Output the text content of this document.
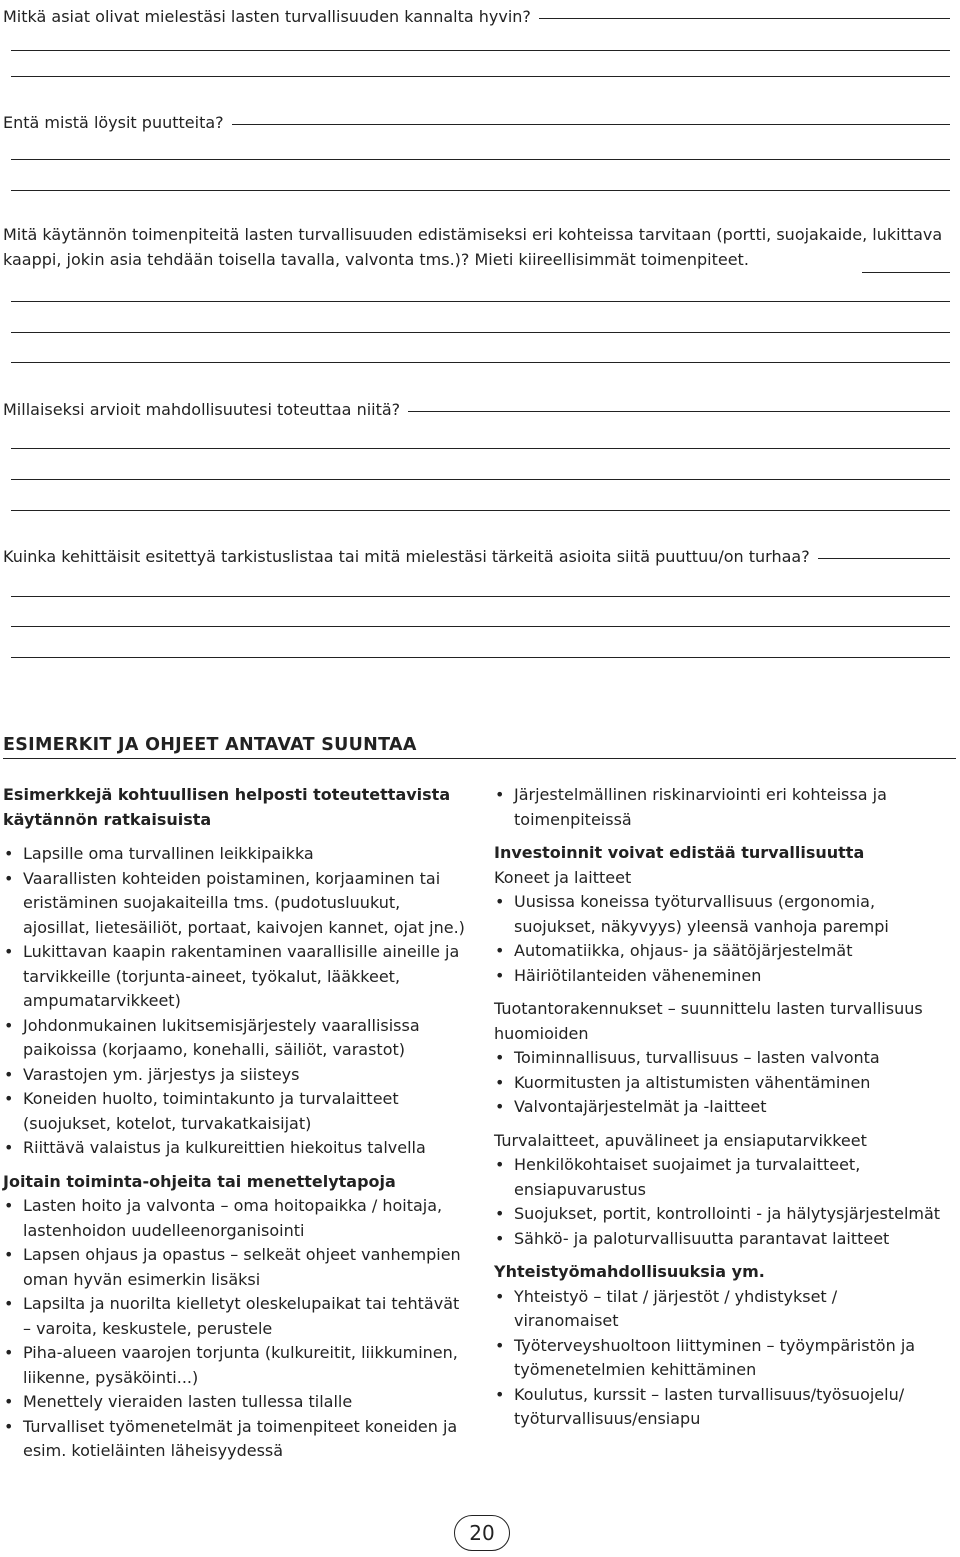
Mitkä asiat olivat mielestäsi lasten turvallisuuden kannalta hyvin?
Entä mistä löysit puutteita?
Mitä käytännön toimenpiteitä lasten turvallisuuden edistämiseksi eri kohteissa tarvitaan (portti, suojakaide, lukittava kaappi, jokin asia tehdään toisella tavalla, valvonta tms.)? Mieti kiireellisimmät toimenpiteet.
Millaiseksi arvioit mahdollisuutesi toteuttaa niitä?
Kuinka kehittäisit esitettyä tarkistuslistaa tai mitä mielestäsi tärkeitä asioita siitä puuttuu/on turhaa?
ESIMERKIT JA OHJEET ANTAVAT SUUNTAA
Esimerkkejä kohtuullisen helposti toteutettavista käytännön ratkaisuista
• Lapsille oma turvallinen leikkipaikka
• Vaarallisten kohteiden poistaminen, korjaaminen tai eristäminen suojakaiteilla tms. (pudotusluukut, ajosillat, lietesäiliöt, portaat, kaivojen kannet, ojat jne.)
• Lukittavan kaapin rakentaminen vaarallisille aineille ja tarvikkeille (torjunta-aineet, työkalut, lääkkeet, ampumatarvikkeet)
• Johdonmukainen lukitsemisjärjestely vaarallisissa paikoissa (korjaamo, konehalli, säiliöt, varastot)
• Varastojen ym. järjestys ja siisteys
• Koneiden huolto, toimintakunto ja turvalaitteet (suojukset, kotelot, turvakatkaisijat)
• Riittävä valaistus ja kulkureittien hiekoitus talvella
Joitain toiminta-ohjeita tai menettelytapoja
• Lasten hoito ja valvonta – oma hoitopaikka / hoitaja, lastenhoidon uudelleenorganisointi
• Lapsen ohjaus ja opastus – selkeät ohjeet vanhempien oman hyvän esimerkin lisäksi
• Lapsilta ja nuorilta kielletyt oleskelupaikat tai tehtävät – varoita, keskustele, perustele
• Piha-alueen vaarojen torjunta (kulkureitit, liikkuminen, liikenne, pysäköinti...)
• Menettely vieraiden lasten tullessa tilalle
• Turvalliset työmenetelmät ja toimenpiteet koneiden ja esim. kotieläinten läheisyydessä
• Järjestelmällinen riskinarviointi eri kohteissa ja toimenpiteissä
Investoinnit voivat edistää turvallisuutta
Koneet ja laitteet
• Uusissa koneissa työturvallisuus (ergonomia, suojukset, näkyvyys) yleensä vanhoja parempi
• Automatiikka, ohjaus- ja säätöjärjestelmät
• Häiriötilanteiden väheneminen
Tuotantorakennukset – suunnittelu lasten turvallisuus huomioiden
• Toiminnallisuus, turvallisuus – lasten valvonta
• Kuormitusten ja altistumisten vähentäminen
• Valvontajärjestelmät ja -laitteet
Turvalaitteet, apuvälineet ja ensiaputarvikkeet
• Henkilökohtaiset suojaimet ja turvalaitteet, ensiapuvarustus
• Suojukset, portit, kontrollointi - ja hälytysjärjestelmät
• Sähkö- ja paloturvallisuutta parantavat laitteet
Yhteistyömahdollisuuksia ym.
• Yhteistyö – tilat / järjestöt / yhdistykset / viranomaiset
• Työterveyshuoltoon liittyminen – työympäristön ja työmenetelmien kehittäminen
• Koulutus, kurssit – lasten turvallisuus/työsuojelu/ työturvallisuus/ensiapu
20
